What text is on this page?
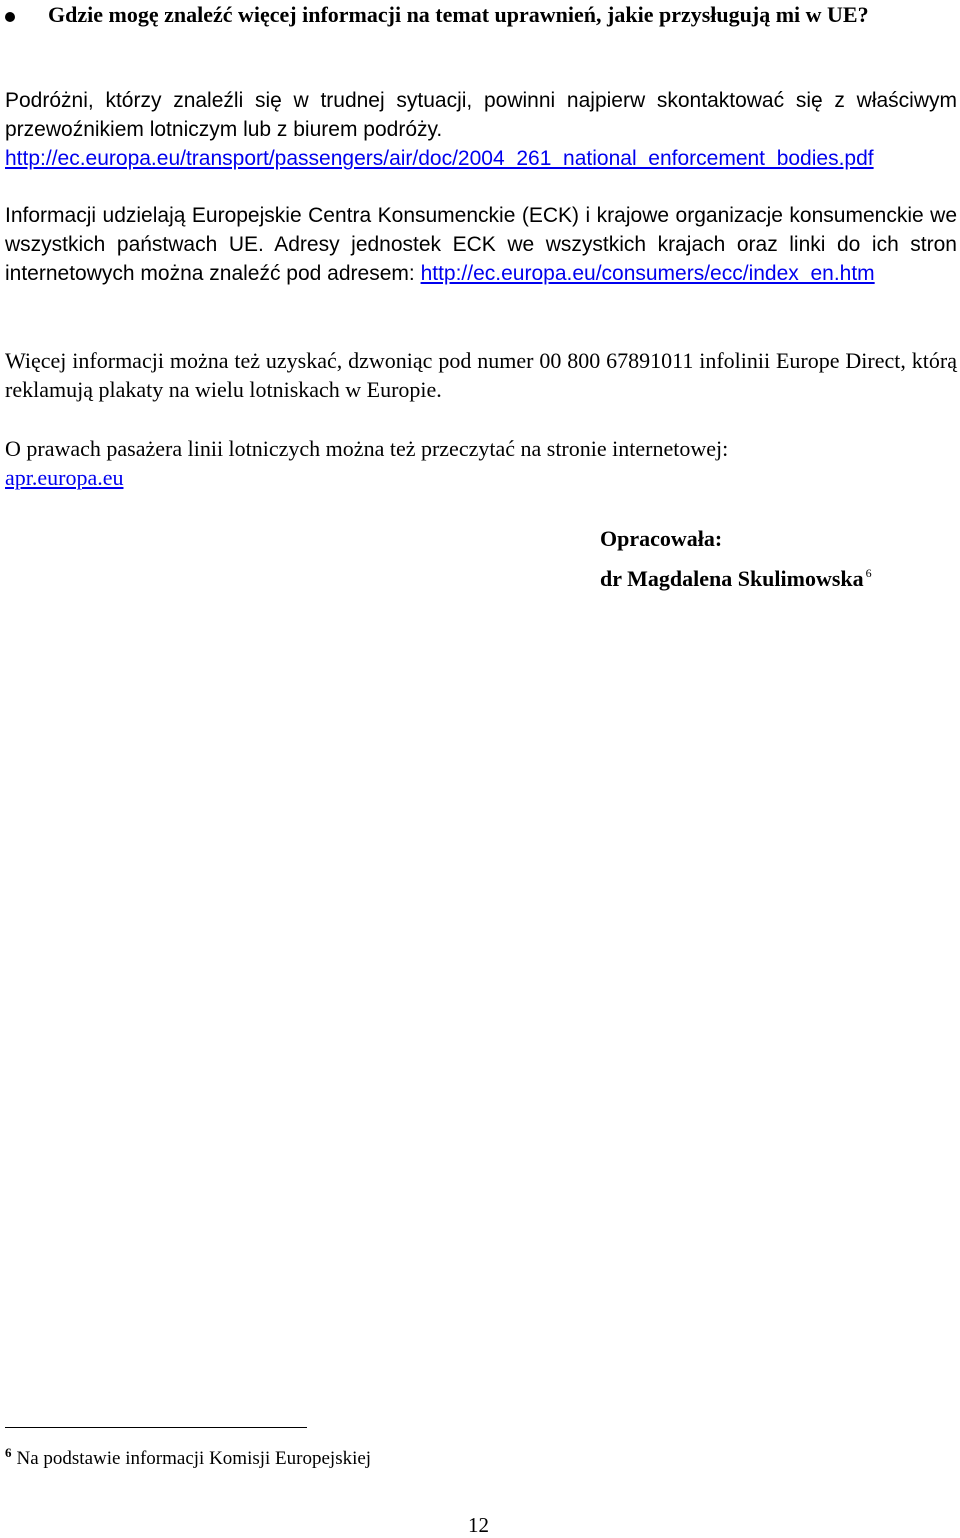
Gdzie mogę znaleźć więcej informacji na temat uprawnień, jakie przysługują mi w UE?
Podróżni, którzy znaleźli się w trudnej sytuacji, powinni najpierw skontaktować się z właściwym przewoźnikiem lotniczym lub z biurem podróży.
http://ec.europa.eu/transport/passengers/air/doc/2004_261_national_enforcement_bodies.pdf
Informacji udzielają Europejskie Centra Konsumenckie (ECK) i krajowe organizacje konsumenckie we wszystkich państwach UE. Adresy jednostek ECK we wszystkich krajach oraz linki do ich stron internetowych można znaleźć pod adresem: http://ec.europa.eu/consumers/ecc/index_en.htm
Więcej informacji można też uzyskać, dzwoniąc pod numer 00 800 67891011 infolinii Europe Direct, którą reklamują plakaty na wielu lotniskach w Europie.
O prawach pasażera linii lotniczych można też przeczytać na stronie internetowej:
apr.europa.eu
Opracowała:
dr Magdalena Skulimowska $^6$
$^6$ Na podstawie informacji Komisji Europejskiej
12
